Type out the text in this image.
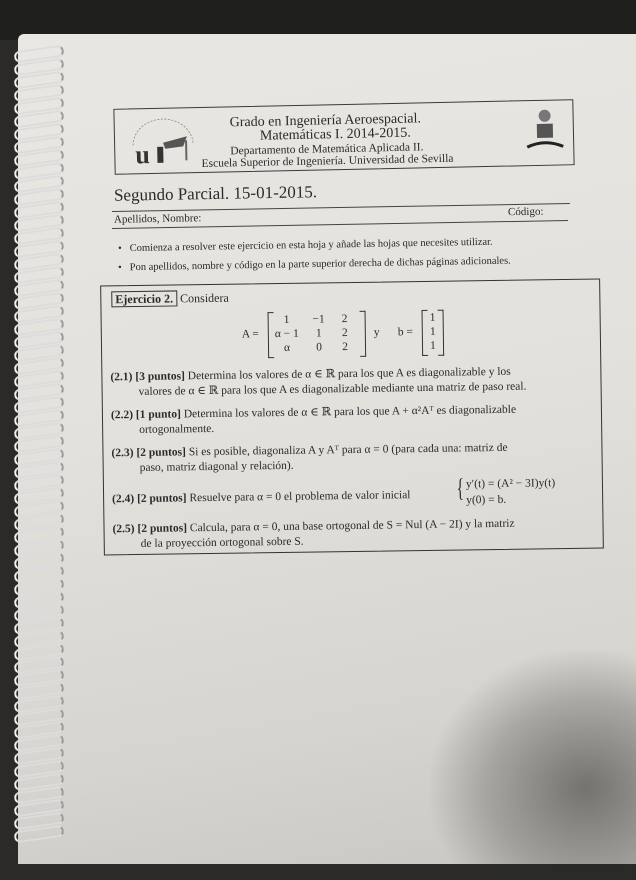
u
Grado en Ingeniería Aeroespacial.
Matemáticas I. 2014-2015.
Departamento de Matemática Aplicada II.
Escuela Superior de Ingeniería. Universidad de Sevilla
Segundo Parcial. 15-01-2015.
Código:
Apellidos, Nombre:
• Comienza a resolver este ejercicio en esta hoja y añade las hojas que necesites utilizar.
• Pon apellidos, nombre y código en la parte superior derecha de dichas páginas adicionales.
Ejercicio 2. Considera
A =
1	−1	2
α − 1	1	2
α	0	2
y b =
1
1
1
(2.1) [3 puntos] Determina los valores de α ∈ ℝ para los que A es diagonalizable y los
valores de α ∈ ℝ para los que A es diagonalizable mediante una matriz de paso real.
(2.2) [1 punto] Determina los valores de α ∈ ℝ para los que A + α²Aᵀ es diagonalizable
ortogonalmente.
(2.3) [2 puntos] Si es posible, diagonaliza A y Aᵀ para α = 0 (para cada una: matriz de
paso, matriz diagonal y relación).
(2.4) [2 puntos] Resuelve para α = 0 el problema de valor inicial	{ y′(t) = (A² − 3I)y(t)
y(0) = b.
(2.5) [2 puntos] Calcula, para α = 0, una base ortogonal de S = Nul (A − 2I) y la matriz
de la proyección ortogonal sobre S.
